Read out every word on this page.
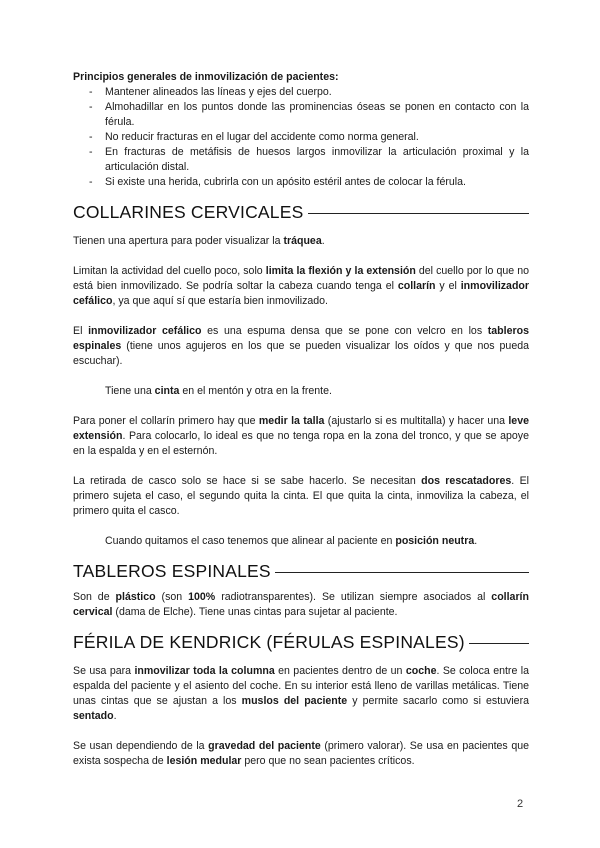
Principios generales de inmovilización de pacientes:

- Mantener alineados las líneas y ejes del cuerpo.
- Almohadillar en los puntos donde las prominencias óseas se ponen en contacto con la férula.
- No reducir fracturas en el lugar del accidente como norma general.
- En fracturas de metáfisis de huesos largos inmovilizar la articulación proximal y la articulación distal.
- Si existe una herida, cubrirla con un apósito estéril antes de colocar la férula.
COLLARINES CERVICALES

Tienen una apertura para poder visualizar la tráquea.

Limitan la actividad del cuello poco, solo limita la flexión y la extensión del cuello por lo que no está bien inmovilizado. Se podría soltar la cabeza cuando tenga el collarín y el inmovilizador cefálico, ya que aquí sí que estaría bien inmovilizado.

El inmovilizador cefálico es una espuma densa que se pone con velcro en los tableros espinales (tiene unos agujeros en los que se pueden visualizar los oídos y que nos pueda escuchar).

Tiene una cinta en el mentón y otra en la frente.

Para poner el collarín primero hay que medir la talla (ajustarlo si es multitalla) y hacer una leve extensión. Para colocarlo, lo ideal es que no tenga ropa en la zona del tronco, y que se apoye en la espalda y en el esternón.

La retirada de casco solo se hace si se sabe hacerlo. Se necesitan dos rescatadores. El primero sujeta el caso, el segundo quita la cinta. El que quita la cinta, inmoviliza la cabeza, el primero quita el casco.

Cuando quitamos el caso tenemos que alinear al paciente en posición neutra.

TABLEROS ESPINALES

Son de plástico (son 100% radiotransparentes). Se utilizan siempre asociados al collarín cervical (dama de Elche). Tiene unas cintas para sujetar al paciente.

FÉRILA DE KENDRICK (FÉRULAS ESPINALES)

Se usa para inmovilizar toda la columna en pacientes dentro de un coche. Se coloca entre la espalda del paciente y el asiento del coche. En su interior está lleno de varillas metálicas. Tiene unas cintas que se ajustan a los muslos del paciente y permite sacarlo como si estuviera sentado.

Se usan dependiendo de la gravedad del paciente (primero valorar). Se usa en pacientes que exista sospecha de lesión medular pero que no sean pacientes críticos.

2
